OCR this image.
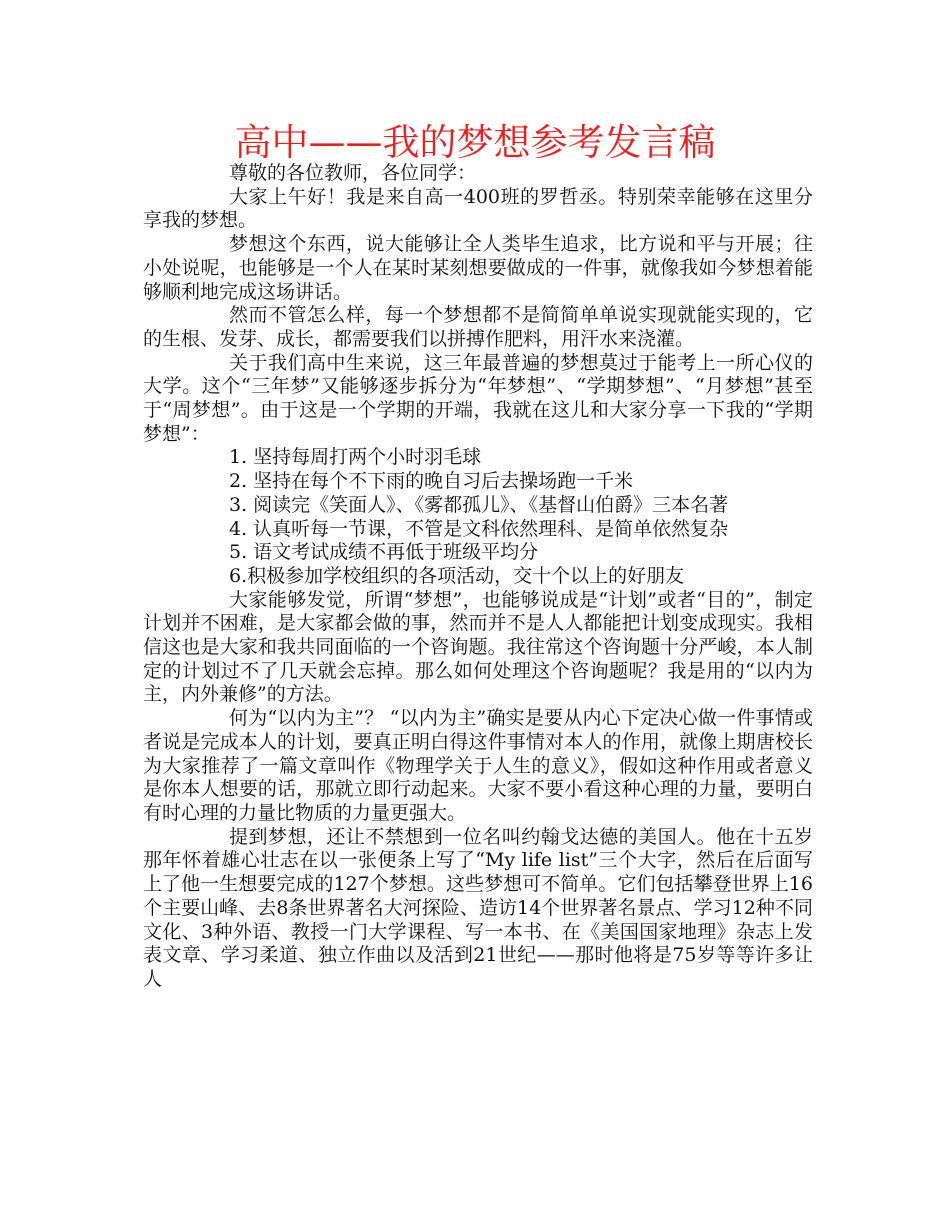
高中——我的梦想参考发言稿

尊敬的各位教师，各位同学：

大家上午好！我是来自高一400班的罗哲丞。特别荣幸能够在这里分享我的梦想。

梦想这个东西，说大能够让全人类毕生追求，比方说和平与开展；往小处说呢，也能够是一个人在某时某刻想要做成的一件事，就像我如今梦想着能够顺利地完成这场讲话。

然而不管怎么样，每一个梦想都不是简简单单说实现就能实现的，它的生根、发芽、成长，都需要我们以拼搏作肥料，用汗水来浇灌。

关于我们高中生来说，这三年最普遍的梦想莫过于能考上一所心仪的大学。这个“三年梦”又能够逐步拆分为“年梦想”、“学期梦想”、“月梦想”甚至于“周梦想”。由于这是一个学期的开端，我就在这儿和大家分享一下我的“学期梦想”：

1. 坚持每周打两个小时羽毛球

2. 坚持在每个不下雨的晚自习后去操场跑一千米

3. 阅读完《笑面人》、《雾都孤儿》、《基督山伯爵》三本名著

4. 认真听每一节课，不管是文科依然理科、是简单依然复杂

5. 语文考试成绩不再低于班级平均分

6.积极参加学校组织的各项活动，交十个以上的好朋友

大家能够发觉，所谓“梦想”，也能够说成是“计划”或者“目的”，制定计划并不困难，是大家都会做的事，然而并不是人人都能把计划变成现实。我相信这也是大家和我共同面临的一个咨询题。我往常这个咨询题十分严峻，本人制定的计划过不了几天就会忘掉。那么如何处理这个咨询题呢？我是用的“以内为主，内外兼修”的方法。

何为“以内为主”？ “以内为主”确实是要从内心下定决心做一件事情或者说是完成本人的计划，要真正明白得这件事情对本人的作用，就像上期唐校长为大家推荐了一篇文章叫作《物理学关于人生的意义》，假如这种作用或者意义是你本人想要的话，那就立即行动起来。大家不要小看这种心理的力量，要明白有时心理的力量比物质的力量更强大。

提到梦想，还让不禁想到一位名叫约翰戈达德的美国人。他在十五岁那年怀着雄心壮志在以一张便条上写了“My life list”三个大字，然后在后面写上了他一生想要完成的127个梦想。这些梦想可不简单。它们包括攀登世界上16个主要山峰、去8条世界著名大河探险、造访14个世界著名景点、学习12种不同文化、3种外语、教授一门大学课程、写一本书、在《美国国家地理》杂志上发表文章、学习柔道、独立作曲以及活到21世纪——那时他将是75岁等等许多让人
